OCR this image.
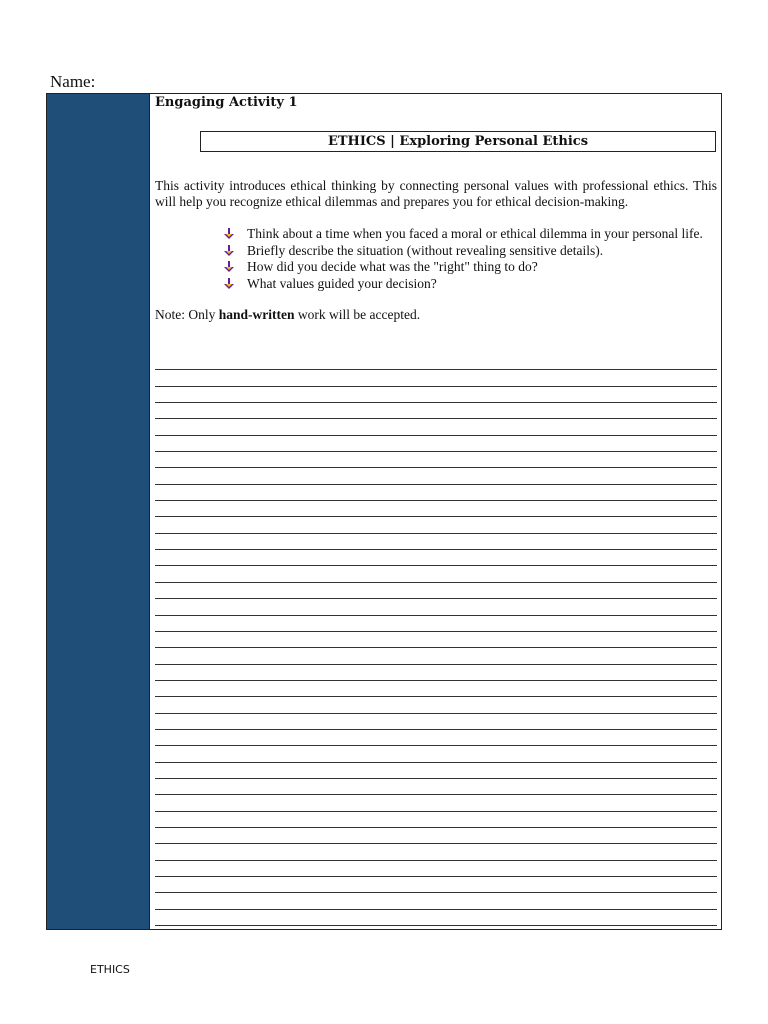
Name:
Engaging Activity 1
ETHICS | Exploring Personal Ethics
This activity introduces ethical thinking by connecting personal values with professional ethics. This will help you recognize ethical dilemmas and prepares you for ethical decision-making.
Think about a time when you faced a moral or ethical dilemma in your personal life.
Briefly describe the situation (without revealing sensitive details).
How did you decide what was the "right" thing to do?
What values guided your decision?
Note: Only hand-written work will be accepted.
ETHICS
